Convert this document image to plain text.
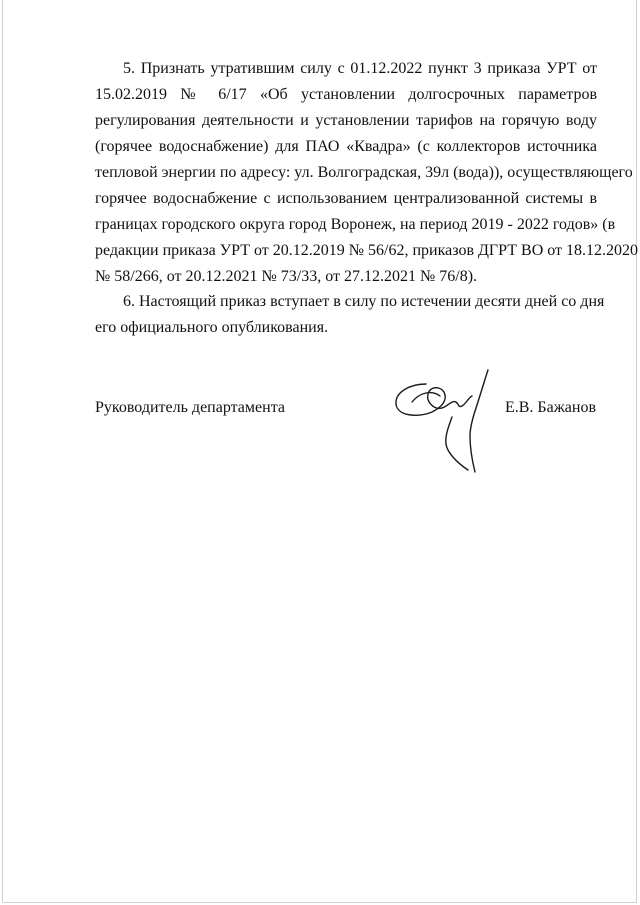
5. Признать утратившим силу с 01.12.2022 пункт 3 приказа УРТ от
15.02.2019 № 6/17 «Об установлении долгосрочных параметров
регулирования деятельности и установлении тарифов на горячую воду
(горячее водоснабжение) для ПАО «Квадра» (с коллекторов источника
тепловой энергии по адресу: ул. Волгоградская, 39л (вода)), осуществляющего
горячее водоснабжение с использованием централизованной системы в
границах городского округа город Воронеж, на период 2019 - 2022 годов» (в
редакции приказа УРТ от 20.12.2019 № 56/62, приказов ДГРТ ВО от 18.12.2020
№ 58/266, от 20.12.2021 № 73/33, от 27.12.2021 № 76/8).
6. Настоящий приказ вступает в силу по истечении десяти дней со дня
его официального опубликования.
Руководитель департамента	Е.В. Бажанов
